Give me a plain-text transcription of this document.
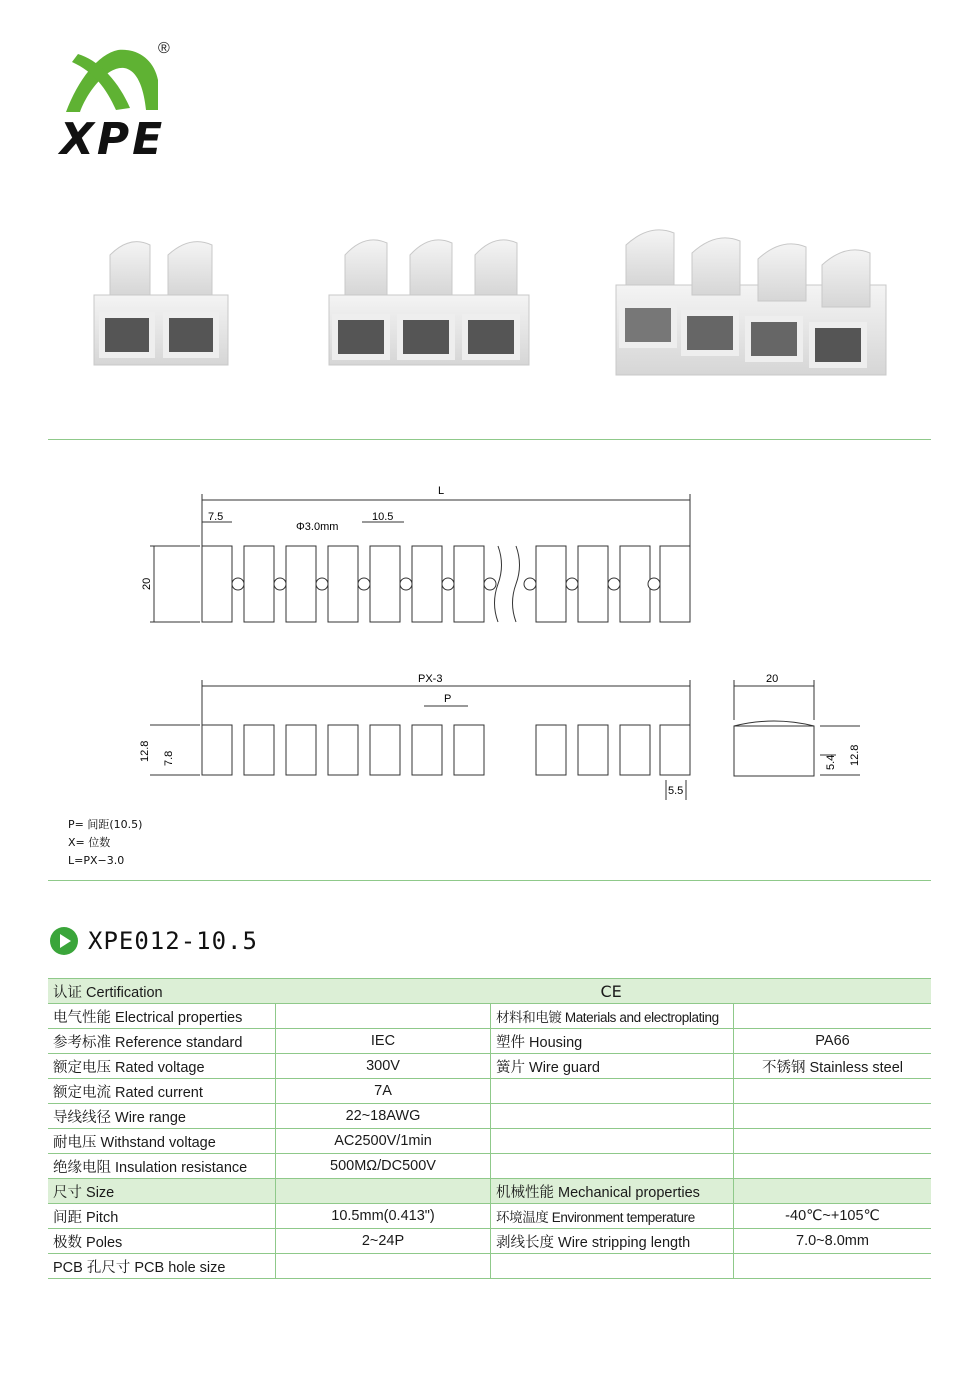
®
XPE
L
7.5
Φ3.0mm
10.5
20
PX-3
P
12.8 7.8
5.5
20
5.4 12.8
P= 间距(10.5)
X= 位数
L=PX−3.0
XPE012-10.5
认证 Certification	CE		
电气性能 Electrical properties		材料和电镀 Materials and electroplating	
参考标准 Reference standard	IEC	塑件 Housing	PA66
额定电压 Rated voltage	300V	簧片 Wire guard	不锈钢 Stainless steel
额定电流 Rated current	7A		
导线线径 Wire range	22~18AWG		
耐电压 Withstand voltage	AC2500V/1min		
绝缘电阻 Insulation resistance	500MΩ/DC500V		
尺寸 Size		机械性能 Mechanical properties	
间距 Pitch	10.5mm(0.413")	环境温度 Environment temperature	-40℃~+105℃
极数 Poles	2~24P	剥线长度 Wire stripping length	7.0~8.0mm
PCB 孔尺寸 PCB hole size			
